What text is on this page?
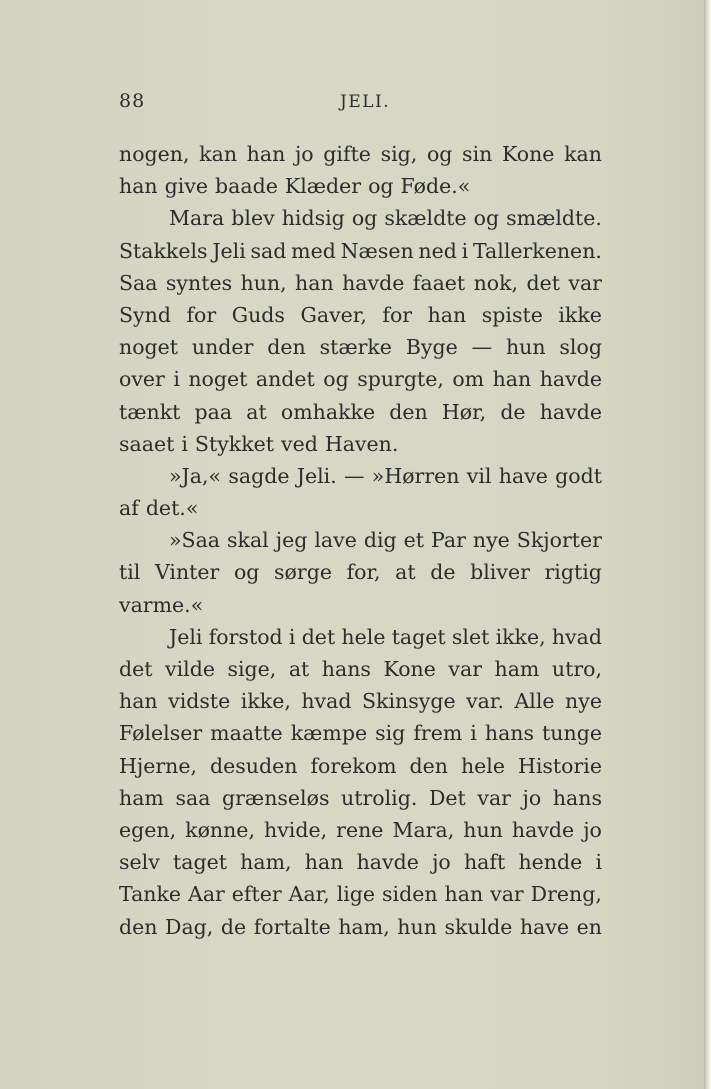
88	JELI.
nogen, kan han jo gifte sig, og sin Kone kan
han give baade Klæder og Føde.«
Mara blev hidsig og skældte og smældte.
Stakkels Jeli sad med Næsen ned i Tallerkenen.
Saa syntes hun, han havde faaet nok, det var
Synd for Guds Gaver, for han spiste ikke
noget under den stærke Byge — hun slog
over i noget andet og spurgte, om han havde
tænkt paa at omhakke den Hør, de havde
saaet i Stykket ved Haven.
»Ja,« sagde Jeli. — »Hørren vil have godt
af det.«
»Saa skal jeg lave dig et Par nye Skjorter
til Vinter og sørge for, at de bliver rigtig
varme.«
Jeli forstod i det hele taget slet ikke, hvad
det vilde sige, at hans Kone var ham utro,
han vidste ikke, hvad Skinsyge var. Alle nye
Følelser maatte kæmpe sig frem i hans tunge
Hjerne, desuden forekom den hele Historie
ham saa grænseløs utrolig. Det var jo hans
egen, kønne, hvide, rene Mara, hun havde jo
selv taget ham, han havde jo haft hende i
Tanke Aar efter Aar, lige siden han var Dreng,
den Dag, de fortalte ham, hun skulde have en
